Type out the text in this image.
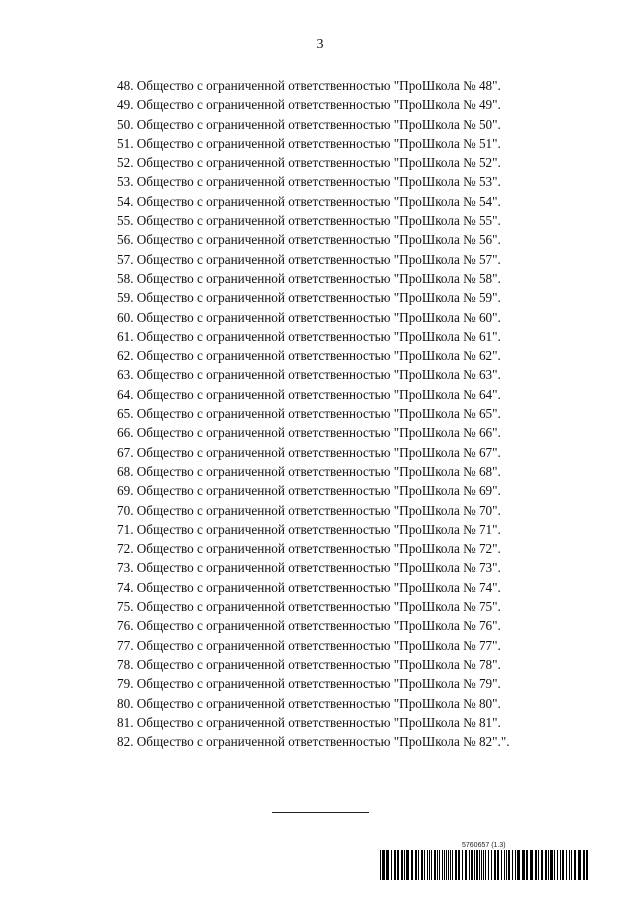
3
48. Общество с ограниченной ответственностью "ПроШкола № 48".
49. Общество с ограниченной ответственностью "ПроШкола № 49".
50. Общество с ограниченной ответственностью "ПроШкола № 50".
51. Общество с ограниченной ответственностью "ПроШкола № 51".
52. Общество с ограниченной ответственностью "ПроШкола № 52".
53. Общество с ограниченной ответственностью "ПроШкола № 53".
54. Общество с ограниченной ответственностью "ПроШкола № 54".
55. Общество с ограниченной ответственностью "ПроШкола № 55".
56. Общество с ограниченной ответственностью "ПроШкола № 56".
57. Общество с ограниченной ответственностью "ПроШкола № 57".
58. Общество с ограниченной ответственностью "ПроШкола № 58".
59. Общество с ограниченной ответственностью "ПроШкола № 59".
60. Общество с ограниченной ответственностью "ПроШкола № 60".
61. Общество с ограниченной ответственностью "ПроШкола № 61".
62. Общество с ограниченной ответственностью "ПроШкола № 62".
63. Общество с ограниченной ответственностью "ПроШкола № 63".
64. Общество с ограниченной ответственностью "ПроШкола № 64".
65. Общество с ограниченной ответственностью "ПроШкола № 65".
66. Общество с ограниченной ответственностью "ПроШкола № 66".
67. Общество с ограниченной ответственностью "ПроШкола № 67".
68. Общество с ограниченной ответственностью "ПроШкола № 68".
69. Общество с ограниченной ответственностью "ПроШкола № 69".
70. Общество с ограниченной ответственностью "ПроШкола № 70".
71. Общество с ограниченной ответственностью "ПроШкола № 71".
72. Общество с ограниченной ответственностью "ПроШкола № 72".
73. Общество с ограниченной ответственностью "ПроШкола № 73".
74. Общество с ограниченной ответственностью "ПроШкола № 74".
75. Общество с ограниченной ответственностью "ПроШкола № 75".
76. Общество с ограниченной ответственностью "ПроШкола № 76".
77. Общество с ограниченной ответственностью "ПроШкола № 77".
78. Общество с ограниченной ответственностью "ПроШкола № 78".
79. Общество с ограниченной ответственностью "ПроШкола № 79".
80. Общество с ограниченной ответственностью "ПроШкола № 80".
81. Общество с ограниченной ответственностью "ПроШкола № 81".
82. Общество с ограниченной ответственностью "ПроШкола № 82".".
5760657 (1.3)
